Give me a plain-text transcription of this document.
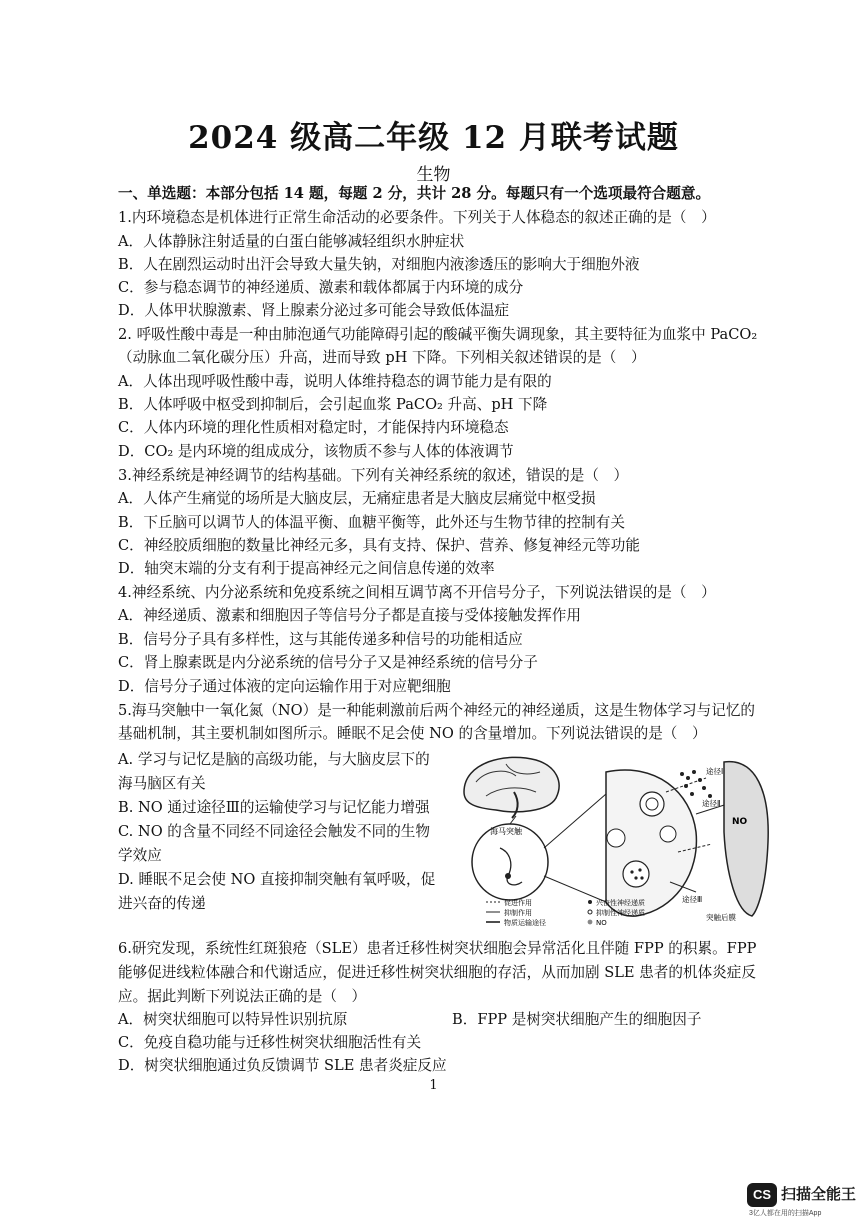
2024 级高二年级 12 月联考试题
生物
一、单选题：本部分包括 14 题，每题 2 分，共计 28 分。每题只有一个选项最符合题意。
1.内环境稳态是机体进行正常生命活动的必要条件。下列关于人体稳态的叙述正确的是（　）
A．人体静脉注射适量的白蛋白能够减轻组织水肿症状
B．人在剧烈运动时出汗会导致大量失钠，对细胞内液渗透压的影响大于细胞外液
C．参与稳态调节的神经递质、激素和载体都属于内环境的成分
D．人体甲状腺激素、肾上腺素分泌过多可能会导致低体温症
2. 呼吸性酸中毒是一种由肺泡通气功能障碍引起的酸碱平衡失调现象，其主要特征为血浆中 PaCO₂
（动脉血二氧化碳分压）升高，进而导致 pH 下降。下列相关叙述错误的是（　）
A．人体出现呼吸性酸中毒，说明人体维持稳态的调节能力是有限的
B．人体呼吸中枢受到抑制后，会引起血浆 PaCO₂ 升高、pH 下降
C．人体内环境的理化性质相对稳定时，才能保持内环境稳态
D．CO₂ 是内环境的组成成分，该物质不参与人体的体液调节
3.神经系统是神经调节的结构基础。下列有关神经系统的叙述，错误的是（　）
A．人体产生痛觉的场所是大脑皮层，无痛症患者是大脑皮层痛觉中枢受损
B．下丘脑可以调节人的体温平衡、血糖平衡等，此外还与生物节律的控制有关
C．神经胶质细胞的数量比神经元多，具有支持、保护、营养、修复神经元等功能
D．轴突末端的分支有利于提高神经元之间信息传递的效率
4.神经系统、内分泌系统和免疫系统之间相互调节离不开信号分子，下列说法错误的是（　）
A．神经递质、激素和细胞因子等信号分子都是直接与受体接触发挥作用
B．信号分子具有多样性，这与其能传递多种信号的功能相适应
C．肾上腺素既是内分泌系统的信号分子又是神经系统的信号分子
D．信号分子通过体液的定向运输作用于对应靶细胞
5.海马突触中一氧化氮（NO）是一种能刺激前后两个神经元的神经递质，这是生物体学习与记忆的
基础机制，其主要机制如图所示。睡眠不足会使 NO 的含量增加。下列说法错误的是（　）
A. 学习与记忆是脑的高级功能，与大脑皮层下的
海马脑区有关
B. NO 通过途径Ⅲ的运输使学习与记忆能力增强
C. NO 的含量不同经不同途径会触发不同的生物
学效应
D. 睡眠不足会使 NO 直接抑制突触有氧呼吸，促
进兴奋的传递
海马突触
途径Ⅰ
途径Ⅱ
途径Ⅲ
NO
突触后膜
促进作用
抑制作用
物质运输途径
兴奋性神经递质
抑制性神经递质
NO
6.研究发现，系统性红斑狼疮（SLE）患者迁移性树突状细胞会异常活化且伴随 FPP 的积累。FPP
能够促进线粒体融合和代谢适应，促进迁移性树突状细胞的存活，从而加剧 SLE 患者的机体炎症反
应。据此判断下列说法正确的是（　）
A．树突状细胞可以特异性识别抗原	B．FPP 是树突状细胞产生的细胞因子
C．免疫自稳功能与迁移性树突状细胞活性有关
D．树突状细胞通过负反馈调节 SLE 患者炎症反应
1
CS 扫描全能王
3亿人都在用的扫描App
